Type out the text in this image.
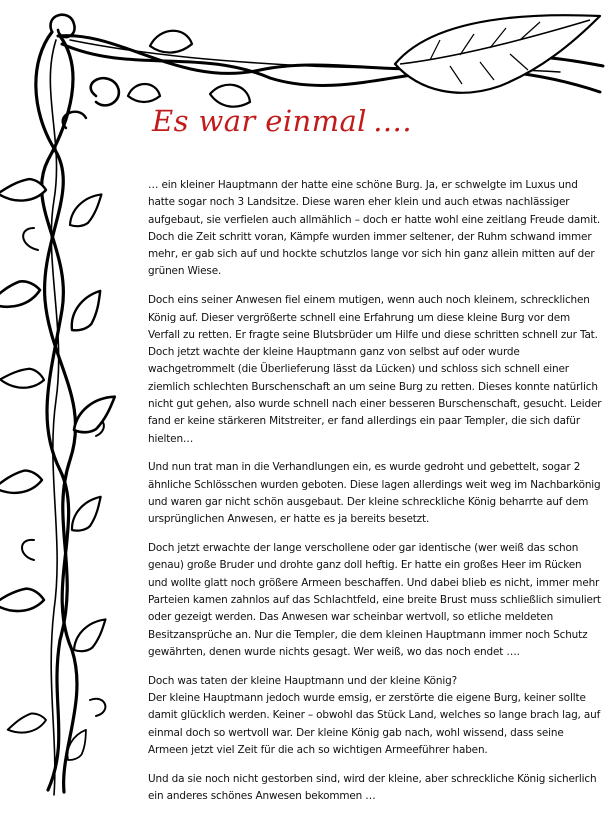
Es war einmal ….

… ein kleiner Hauptmann der hatte eine schöne Burg. Ja, er schwelgte im Luxus und hatte sogar noch 3 Landsitze. Diese waren eher klein und auch etwas nachlässiger aufgebaut, sie verfielen auch allmählich – doch er hatte wohl eine zeitlang Freude damit. Doch die Zeit schritt voran, Kämpfe wurden immer seltener, der Ruhm schwand immer mehr, er gab sich auf und hockte schutzlos lange vor sich hin ganz allein mitten auf der grünen Wiese.

Doch eins seiner Anwesen fiel einem mutigen, wenn auch noch kleinem, schrecklichen König auf. Dieser vergrößerte schnell eine Erfahrung um diese kleine Burg vor dem Verfall zu retten. Er fragte seine Blutsbrüder um Hilfe und diese schritten schnell zur Tat. Doch jetzt wachte der kleine Hauptmann ganz von selbst auf oder wurde wachgetrommelt (die Überlieferung lässt da Lücken) und schloss sich schnell einer ziemlich schlechten Burschenschaft an um seine Burg zu retten. Dieses konnte natürlich nicht gut gehen, also wurde schnell nach einer besseren Burschenschaft, gesucht. Leider fand er keine stärkeren Mitstreiter, er fand allerdings ein paar Templer, die sich dafür hielten…

Und nun trat man in die Verhandlungen ein, es wurde gedroht und gebettelt, sogar 2 ähnliche Schlösschen wurden geboten. Diese lagen allerdings weit weg im Nachbarkönig und waren gar nicht schön ausgebaut. Der kleine schreckliche König beharrte auf dem ursprünglichen Anwesen, er hatte es ja bereits besetzt.

Doch jetzt erwachte der lange verschollene oder gar identische (wer weiß das schon genau) große Bruder und drohte ganz doll heftig. Er hatte ein großes Heer im Rücken und wollte glatt noch größere Armeen beschaffen. Und dabei blieb es nicht, immer mehr Parteien kamen zahnlos auf das Schlachtfeld, eine breite Brust muss schließlich simuliert oder gezeigt werden. Das Anwesen war scheinbar wertvoll, so etliche meldeten Besitzansprüche an. Nur die Templer, die dem kleinen Hauptmann immer noch Schutz gewährten, denen wurde nichts gesagt. Wer weiß, wo das noch endet ….

Doch was taten der kleine Hauptmann und der kleine König?

Der kleine Hauptmann jedoch wurde emsig, er zerstörte die eigene Burg, keiner sollte damit glücklich werden. Keiner – obwohl das Stück Land, welches so lange brach lag, auf einmal doch so wertvoll war. Der kleine König gab nach, wohl wissend, dass seine Armeen jetzt viel Zeit für die ach so wichtigen Armeeführer haben.

Und da sie noch nicht gestorben sind, wird der kleine, aber schreckliche König sicherlich ein anderes schönes Anwesen bekommen …
